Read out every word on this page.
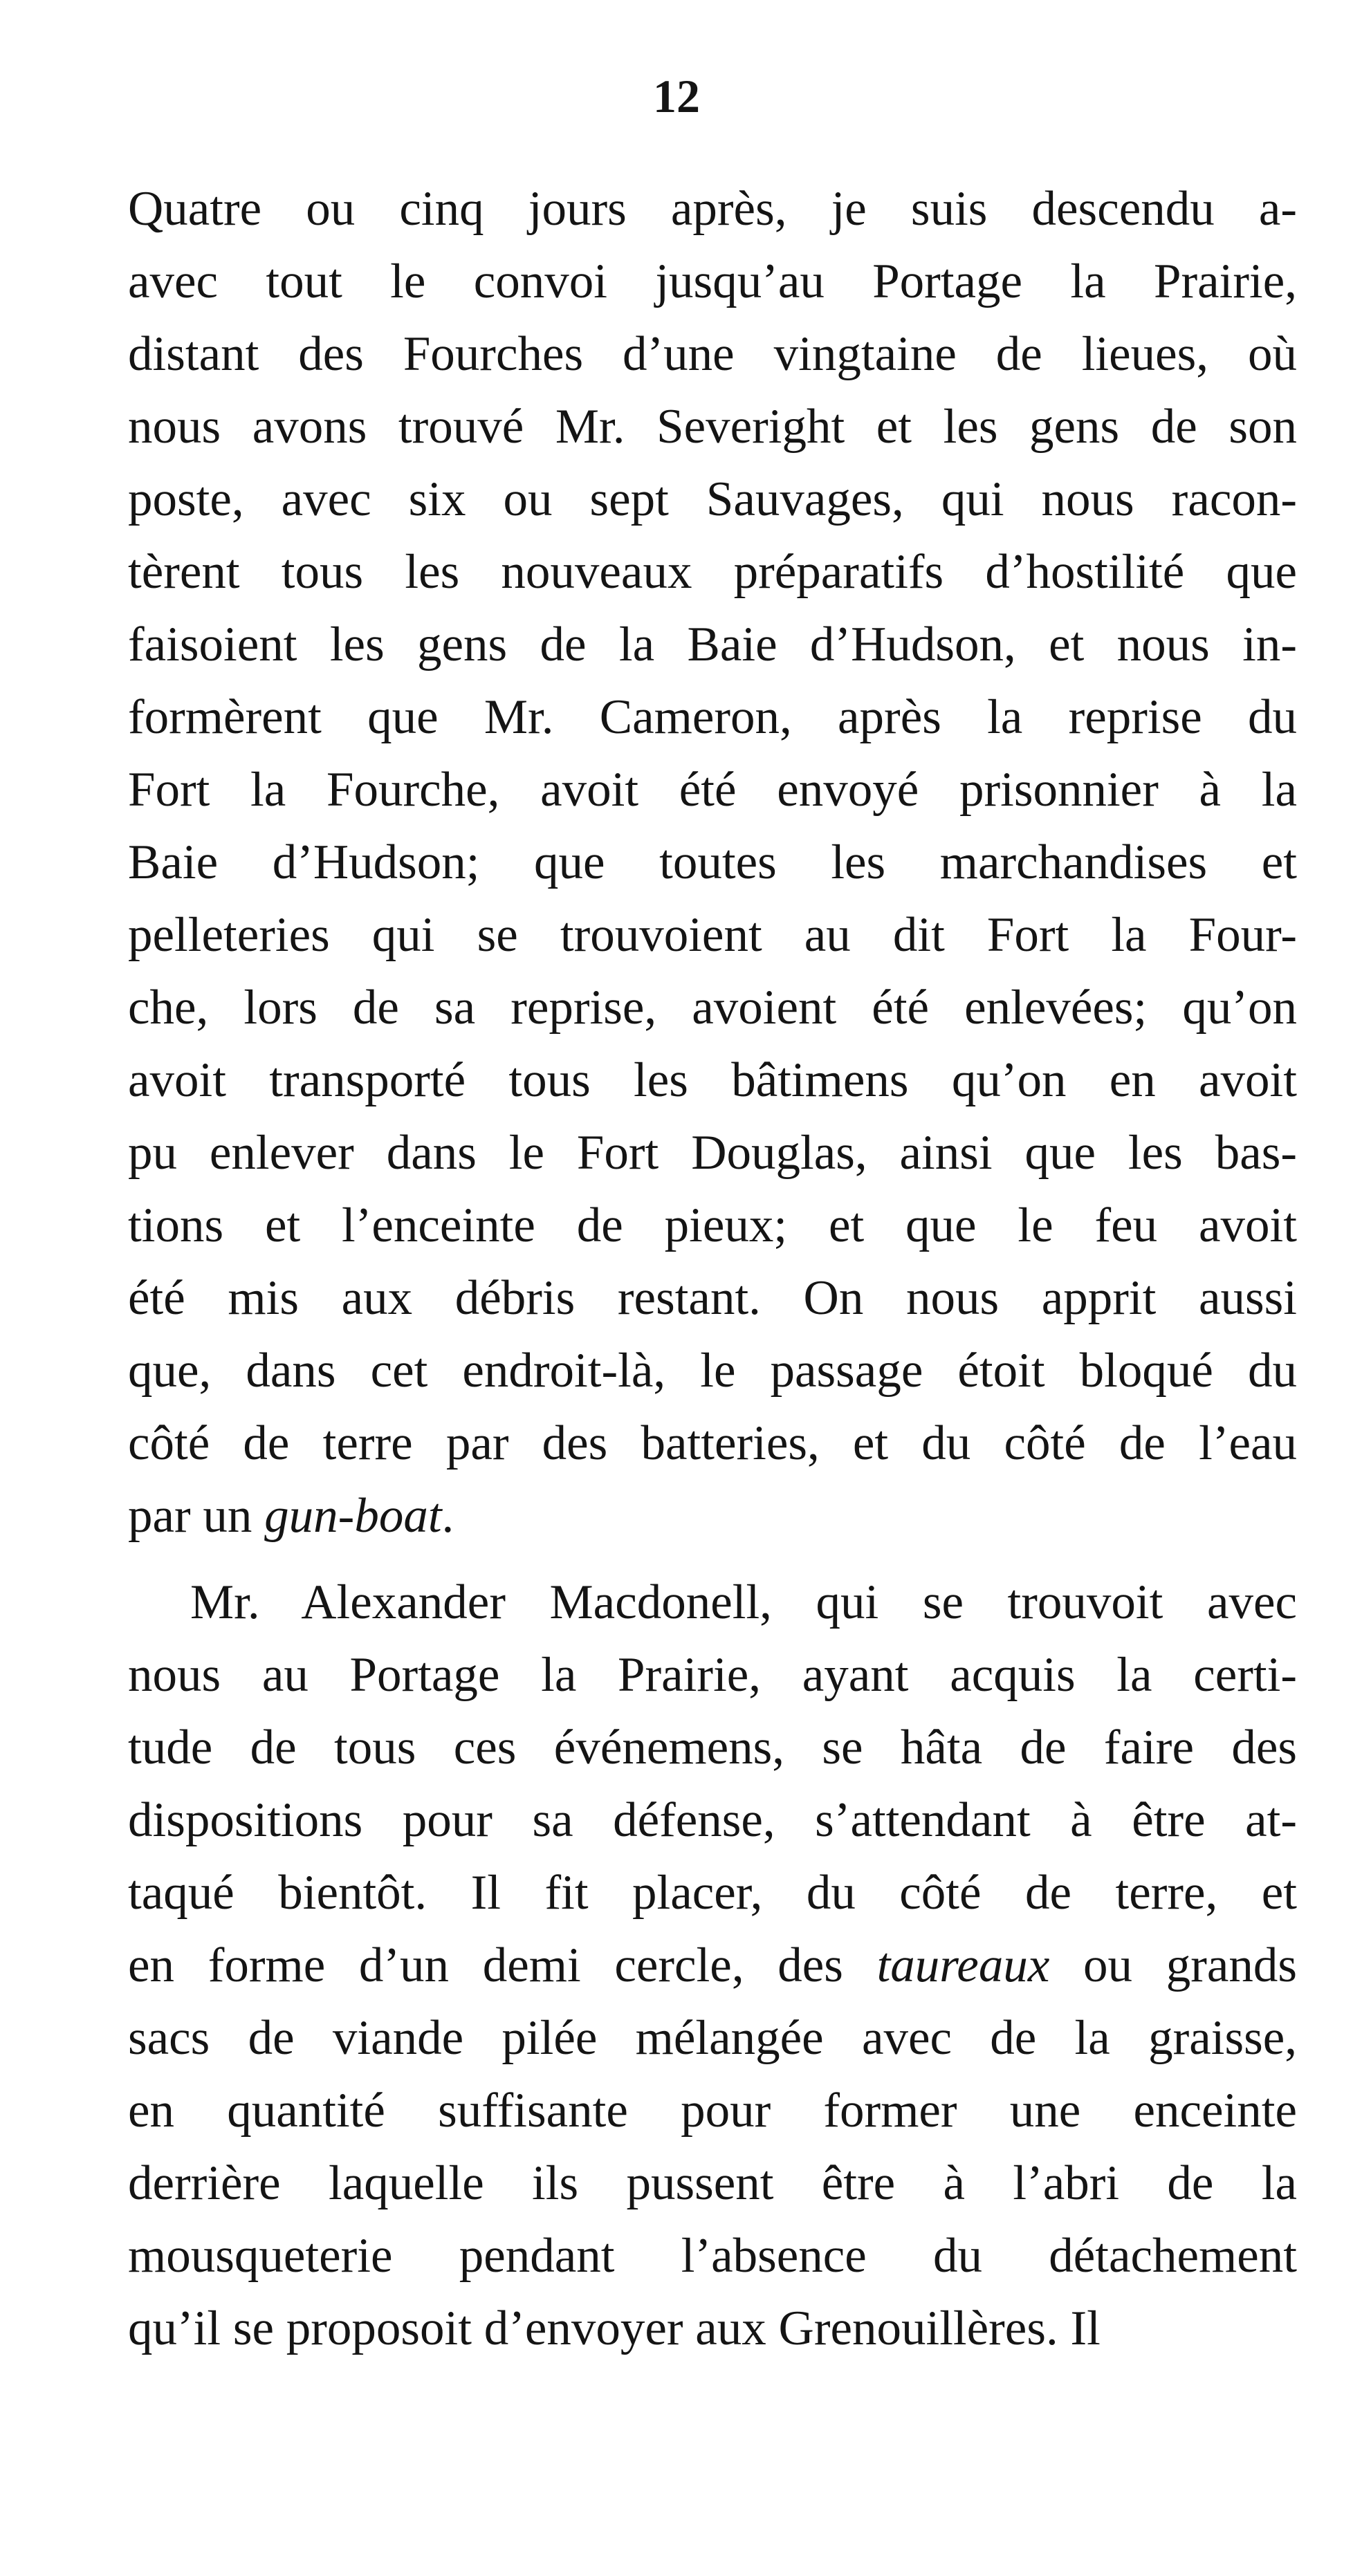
12
Quatre ou cinq jours après, je suis descendu a-
avec tout le convoi jusqu’au Portage la Prairie,
distant des Fourches d’une vingtaine de lieues, où
nous avons trouvé Mr. Severight et les gens de son
poste, avec six ou sept Sauvages, qui nous racon-
tèrent tous les nouveaux préparatifs d’hostilité que
faisoient les gens de la Baie d’Hudson, et nous in-
formèrent que Mr. Cameron, après la reprise du
Fort la Fourche, avoit été envoyé prisonnier à la
Baie d’Hudson; que toutes les marchandises et
pelleteries qui se trouvoient au dit Fort la Four-
che, lors de sa reprise, avoient été enlevées; qu’on
avoit transporté tous les bâtimens qu’on en avoit
pu enlever dans le Fort Douglas, ainsi que les bas-
tions et l’enceinte de pieux; et que le feu avoit
été mis aux débris restant. On nous apprit aussi
que, dans cet endroit-là, le passage étoit bloqué du
côté de terre par des batteries, et du côté de l’eau
par un gun-boat.
Mr. Alexander Macdonell, qui se trouvoit avec
nous au Portage la Prairie, ayant acquis la certi-
tude de tous ces événemens, se hâta de faire des
dispositions pour sa défense, s’attendant à être at-
taqué bientôt. Il fit placer, du côté de terre, et
en forme d’un demi cercle, des taureaux ou grands
sacs de viande pilée mélangée avec de la graisse,
en quantité suffisante pour former une enceinte
derrière laquelle ils pussent être à l’abri de la
mousqueterie pendant l’absence du détachement
qu’il se proposoit d’envoyer aux Grenouillères. Il
